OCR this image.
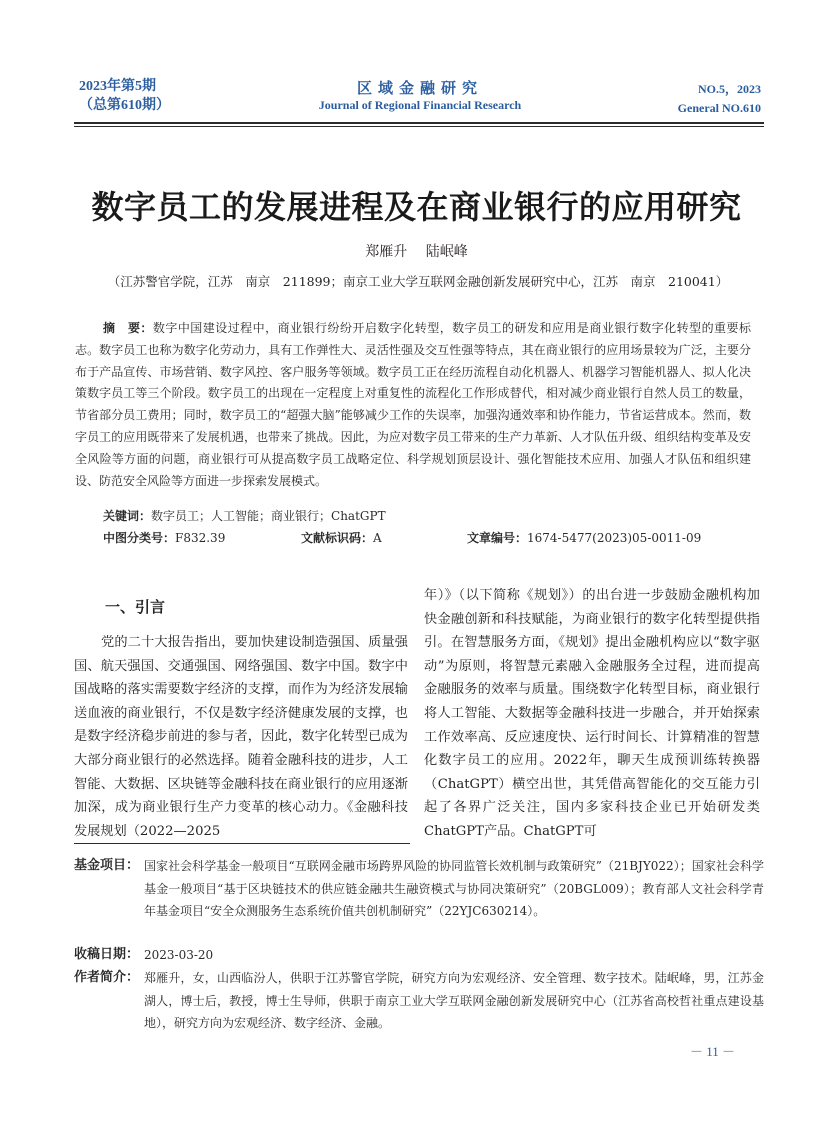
2023年第5期
（总第610期）
区域金融研究
Journal of Regional Financial Research
NO.5，2023
General NO.610
数字员工的发展进程及在商业银行的应用研究
郑雁升 陆岷峰
（江苏警官学院，江苏　南京　211899；南京工业大学互联网金融创新发展研究中心，江苏　南京　210041）
摘　要：数字中国建设过程中，商业银行纷纷开启数字化转型，数字员工的研发和应用是商业银行数字化转型的重要标志。数字员工也称为数字化劳动力，具有工作弹性大、灵活性强及交互性强等特点，其在商业银行的应用场景较为广泛，主要分布于产品宣传、市场营销、数字风控、客户服务等领域。数字员工正在经历流程自动化机器人、机器学习智能机器人、拟人化决策数字员工等三个阶段。数字员工的出现在一定程度上对重复性的流程化工作形成替代，相对减少商业银行自然人员工的数量，节省部分员工费用；同时，数字员工的“超强大脑”能够减少工作的失误率，加强沟通效率和协作能力，节省运营成本。然而，数字员工的应用既带来了发展机遇，也带来了挑战。因此，为应对数字员工带来的生产力革新、人才队伍升级、组织结构变革及安全风险等方面的问题，商业银行可从提高数字员工战略定位、科学规划顶层设计、强化智能技术应用、加强人才队伍和组织建设、防范安全风险等方面进一步探索发展模式。
关键词：数字员工；人工智能；商业银行；ChatGPT
中图分类号：F832.39	文献标识码：A	文章编号：1674-5477(2023)05-0011-09
一、引言

党的二十大报告指出，要加快建设制造强国、质量强国、航天强国、交通强国、网络强国、数字中国。数字中国战略的落实需要数字经济的支撑，而作为为经济发展输送血液的商业银行，不仅是数字经济健康发展的支撑，也是数字经济稳步前进的参与者，因此，数字化转型已成为大部分商业银行的必然选择。随着金融科技的进步，人工智能、大数据、区块链等金融科技在商业银行的应用逐渐加深，成为商业银行生产力变革的核心动力。《金融科技发展规划（2022—2025

年）》（以下简称《规划》）的出台进一步鼓励金融机构加快金融创新和科技赋能，为商业银行的数字化转型提供指引。在智慧服务方面，《规划》提出金融机构应以“数字驱动”为原则，将智慧元素融入金融服务全过程，进而提高金融服务的效率与质量。围绕数字化转型目标，商业银行将人工智能、大数据等金融科技进一步融合，并开始探索工作效率高、反应速度快、运行时间长、计算精准的智慧化数字员工的应用。2022年，聊天生成预训练转换器（ChatGPT）横空出世，其凭借高智能化的交互能力引起了各界广泛关注，国内多家科技企业已开始研发类ChatGPT产品。ChatGPT可

基金项目： 国家社会科学基金一般项目“互联网金融市场跨界风险的协同监管长效机制与政策研究”（21BJY022）；国家社会科学基金一般项目“基于区块链技术的供应链金融共生融资模式与协同决策研究”（20BGL009）；教育部人文社会科学青年基金项目“安全众测服务生态系统价值共创机制研究”（22YJC630214）。
收稿日期： 2023-03-20
作者简介： 郑雁升，女，山西临汾人，供职于江苏警官学院，研究方向为宏观经济、安全管理、数字技术。陆岷峰，男，江苏金湖人，博士后，教授，博士生导师，供职于南京工业大学互联网金融创新发展研究中心（江苏省高校哲社重点建设基地），研究方向为宏观经济、数字经济、金融。
－ 11 －
